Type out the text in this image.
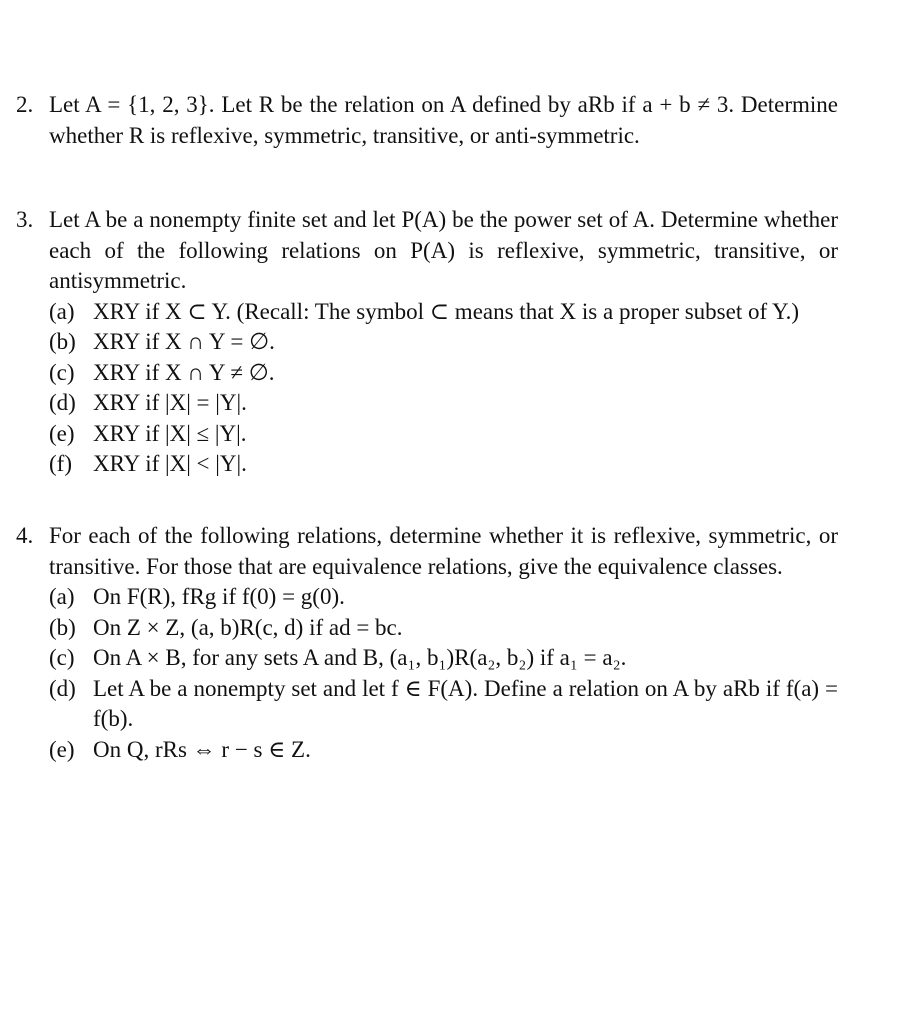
2. Let A = {1, 2, 3}. Let R be the relation on A defined by aRb if a + b ≠ 3. Determine whether R is reflexive, symmetric, transitive, or anti-symmetric.
3. Let A be a nonempty finite set and let P(A) be the power set of A. Determine whether each of the following relations on P(A) is reflexive, symmetric, transitive, or antisymmetric.
(a) XRY if X ⊂ Y. (Recall: The symbol ⊂ means that X is a proper subset of Y.)
(b) XRY if X ∩ Y = ∅.
(c) XRY if X ∩ Y ≠ ∅.
(d) XRY if |X| = |Y|.
(e) XRY if |X| ≤ |Y|.
(f) XRY if |X| < |Y|.
4. For each of the following relations, determine whether it is reflexive, symmetric, or transitive. For those that are equivalence relations, give the equivalence classes.
(a) On F(R), fRg if f(0) = g(0).
(b) On Z × Z, (a, b)R(c, d) if ad = bc.
(c) On A × B, for any sets A and B, (a₁, b₁)R(a₂, b₂) if a₁ = a₂.
(d) Let A be a nonempty set and let f ∈ F(A). Define a relation on A by aRb if f(a) = f(b).
(e) On Q, rRs ⇔ r − s ∈ Z.
